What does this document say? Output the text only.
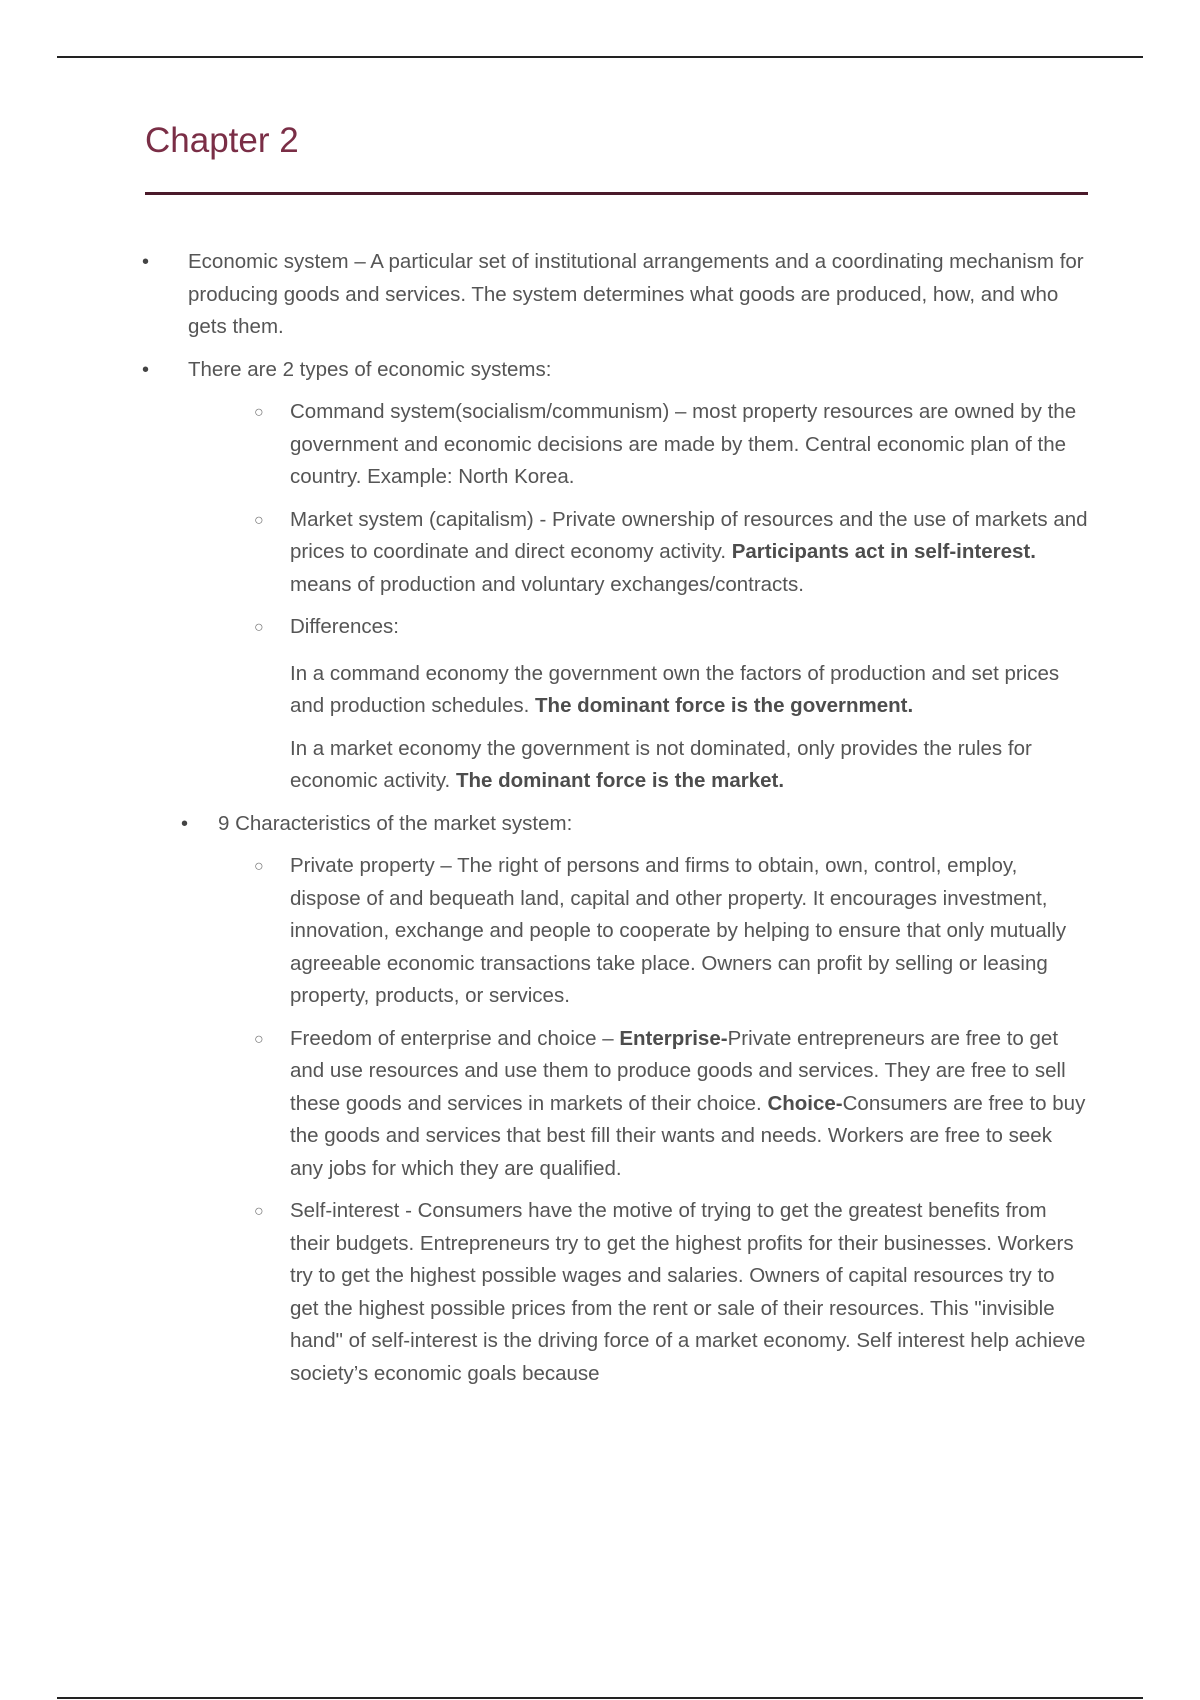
Chapter 2
• Economic system – A particular set of institutional arrangements and a coordinating mechanism for producing goods and services. The system determines what goods are produced, how, and who gets them.
• There are 2 types of economic systems:
○ Command system(socialism/communism) – most property resources are owned by the government and economic decisions are made by them. Central economic plan of the country. Example: North Korea.
○ Market system (capitalism) - Private ownership of resources and the use of markets and prices to coordinate and direct economy activity. Participants act in self-interest. means of production and voluntary exchanges/contracts.
○ Differences:
In a command economy the government own the factors of production and set prices and production schedules. The dominant force is the government.
In a market economy the government is not dominated, only provides the rules for economic activity. The dominant force is the market.
• 9 Characteristics of the market system:
○ Private property – The right of persons and firms to obtain, own, control, employ, dispose of and bequeath land, capital and other property. It encourages investment, innovation, exchange and people to cooperate by helping to ensure that only mutually agreeable economic transactions take place. Owners can profit by selling or leasing property, products, or services.
○ Freedom of enterprise and choice – Enterprise-Private entrepreneurs are free to get and use resources and use them to produce goods and services. They are free to sell these goods and services in markets of their choice. Choice-Consumers are free to buy the goods and services that best fill their wants and needs. Workers are free to seek any jobs for which they are qualified.
○ Self-interest - Consumers have the motive of trying to get the greatest benefits from their budgets. Entrepreneurs try to get the highest profits for their businesses. Workers try to get the highest possible wages and salaries. Owners of capital resources try to get the highest possible prices from the rent or sale of their resources. This "invisible hand" of self-interest is the driving force of a market economy. Self interest help achieve society’s economic goals because
